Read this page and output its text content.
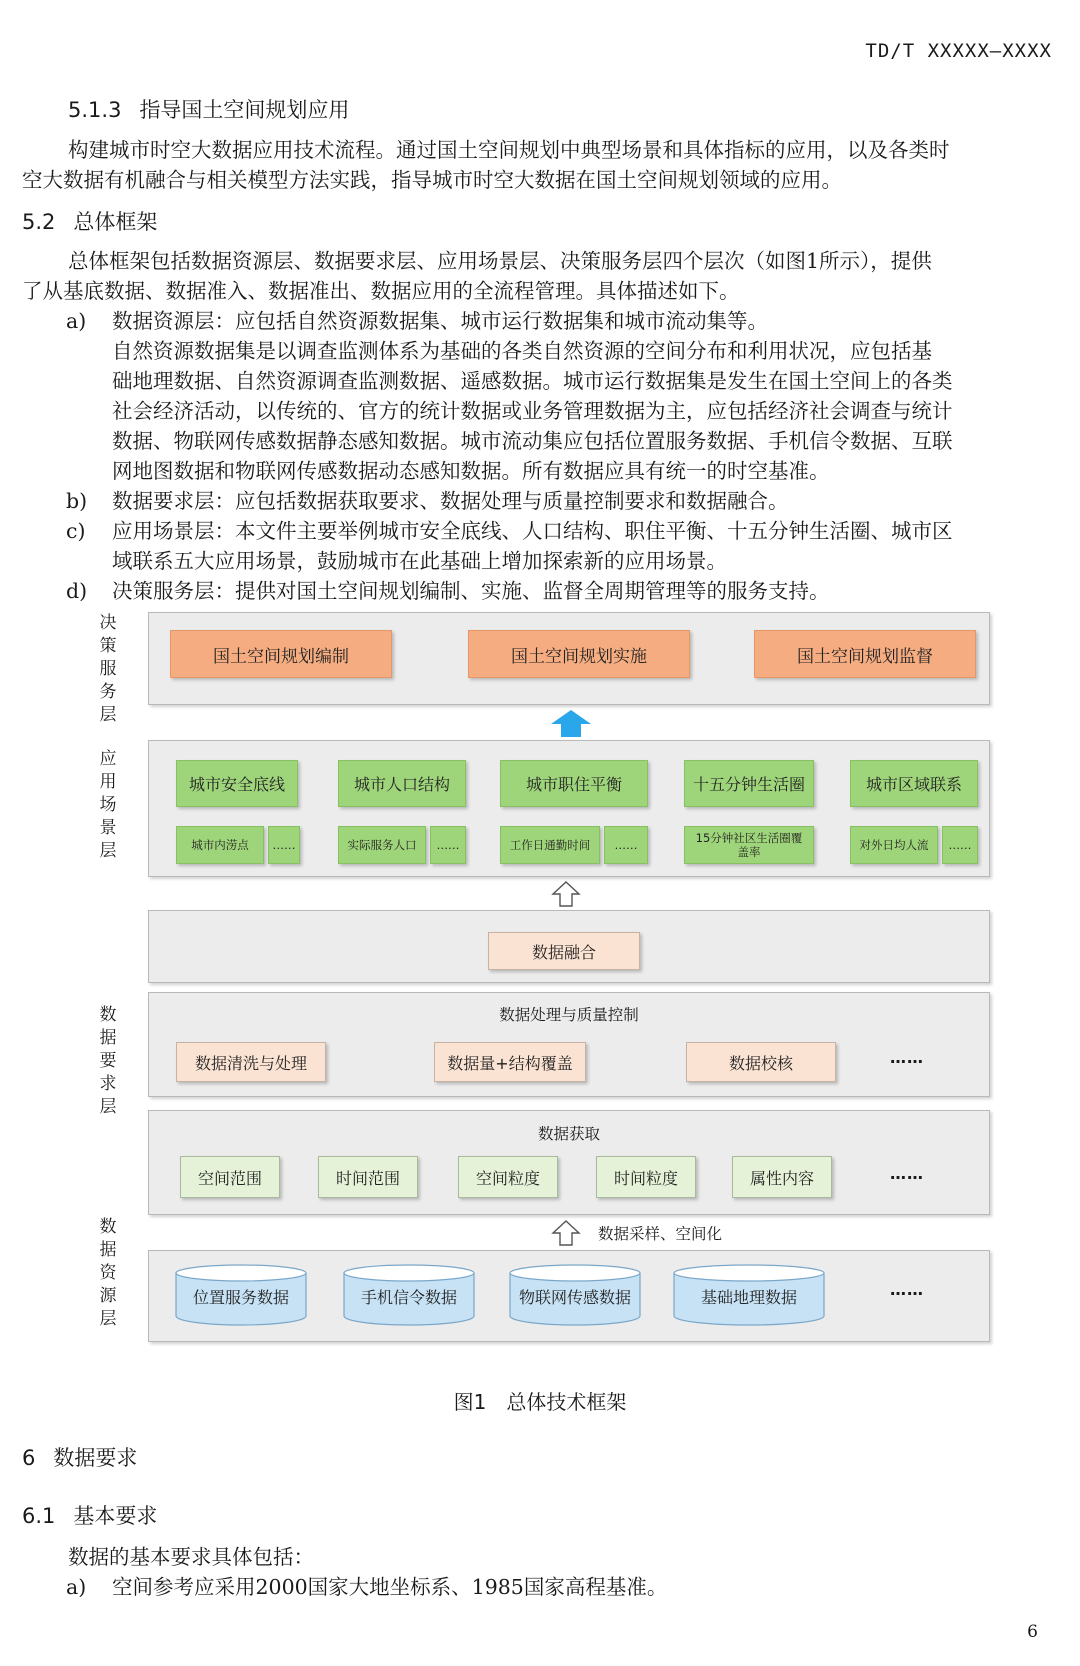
TD/T XXXXX—XXXX
5.1.3 指导国土空间规划应用
构建城市时空大数据应用技术流程。通过国土空间规划中典型场景和具体指标的应用，以及各类时
空大数据有机融合与相关模型方法实践，指导城市时空大数据在国土空间规划领域的应用。
5.2 总体框架
总体框架包括数据资源层、数据要求层、应用场景层、决策服务层四个层次（如图1所示），提供
了从基底数据、数据准入、数据准出、数据应用的全流程管理。具体描述如下。
a) 数据资源层：应包括自然资源数据集、城市运行数据集和城市流动集等。
自然资源数据集是以调查监测体系为基础的各类自然资源的空间分布和利用状况，应包括基
础地理数据、自然资源调查监测数据、遥感数据。城市运行数据集是发生在国土空间上的各类
社会经济活动，以传统的、官方的统计数据或业务管理数据为主，应包括经济社会调查与统计
数据、物联网传感数据静态感知数据。城市流动集应包括位置服务数据、手机信令数据、互联
网地图数据和物联网传感数据动态感知数据。所有数据应具有统一的时空基准。
b) 数据要求层：应包括数据获取要求、数据处理与质量控制要求和数据融合。
c) 应用场景层：本文件主要举例城市安全底线、人口结构、职住平衡、十五分钟生活圈、城市区
域联系五大应用场景，鼓励城市在此基础上增加探索新的应用场景。
d) 决策服务层：提供对国土空间规划编制、实施、监督全周期管理等的服务支持。
决策服务层
应用场景层
数据要求层
数据资源层
国土空间规划编制	国土空间规划实施	国土空间规划监督
城市安全底线
城市内涝点	……
城市人口结构
实际服务人口	……
城市职住平衡
工作日通勤时间	……
十五分钟生活圈
15分钟社区生活圈覆盖率
城市区域联系
对外日均人流	……
数据融合
数据处理与质量控制
数据清洗与处理	数据量+结构覆盖	数据校核	……
数据获取
空间范围	时间范围	空间粒度	时间粒度	属性内容	……
数据采样、空间化
位置服务数据	手机信令数据	物联网传感数据	基础地理数据	……
图1 总体技术框架
6 数据要求
6.1 基本要求
数据的基本要求具体包括：
a) 空间参考应采用2000国家大地坐标系、1985国家高程基准。
6
